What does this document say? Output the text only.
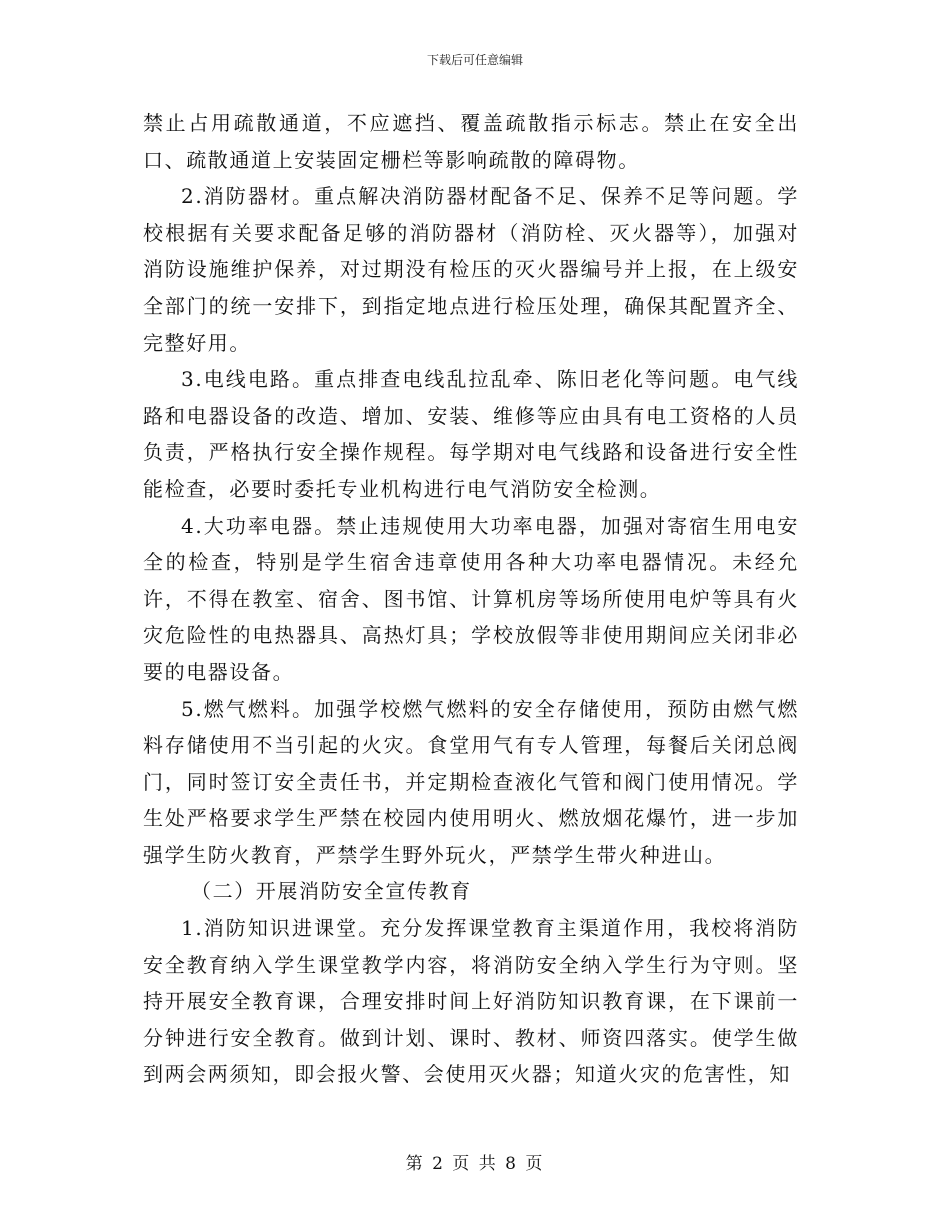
下载后可任意编辑

禁止占用疏散通道，不应遮挡、覆盖疏散指示标志。禁止在安全出口、疏散通道上安装固定栅栏等影响疏散的障碍物。

2.消防器材。重点解决消防器材配备不足、保养不足等问题。学校根据有关要求配备足够的消防器材（消防栓、灭火器等），加强对消防设施维护保养，对过期没有检压的灭火器编号并上报，在上级安全部门的统一安排下，到指定地点进行检压处理，确保其配置齐全、完整好用。

3.电线电路。重点排查电线乱拉乱牵、陈旧老化等问题。电气线路和电器设备的改造、增加、安装、维修等应由具有电工资格的人员负责，严格执行安全操作规程。每学期对电气线路和设备进行安全性能检查，必要时委托专业机构进行电气消防安全检测。

4.大功率电器。禁止违规使用大功率电器，加强对寄宿生用电安全的检查，特别是学生宿舍违章使用各种大功率电器情况。未经允许，不得在教室、宿舍、图书馆、计算机房等场所使用电炉等具有火灾危险性的电热器具、高热灯具；学校放假等非使用期间应关闭非必要的电器设备。

5.燃气燃料。加强学校燃气燃料的安全存储使用，预防由燃气燃料存储使用不当引起的火灾。食堂用气有专人管理，每餐后关闭总阀门，同时签订安全责任书，并定期检查液化气管和阀门使用情况。学生处严格要求学生严禁在校园内使用明火、燃放烟花爆竹，进一步加强学生防火教育，严禁学生野外玩火，严禁学生带火种进山。

（二）开展消防安全宣传教育

1.消防知识进课堂。充分发挥课堂教育主渠道作用，我校将消防安全教育纳入学生课堂教学内容，将消防安全纳入学生行为守则。坚持开展安全教育课，合理安排时间上好消防知识教育课，在下课前一分钟进行安全教育。做到计划、课时、教材、师资四落实。使学生做到两会两须知，即会报火警、会使用灭火器；知道火灾的危害性，知

第 2 页 共 8 页
